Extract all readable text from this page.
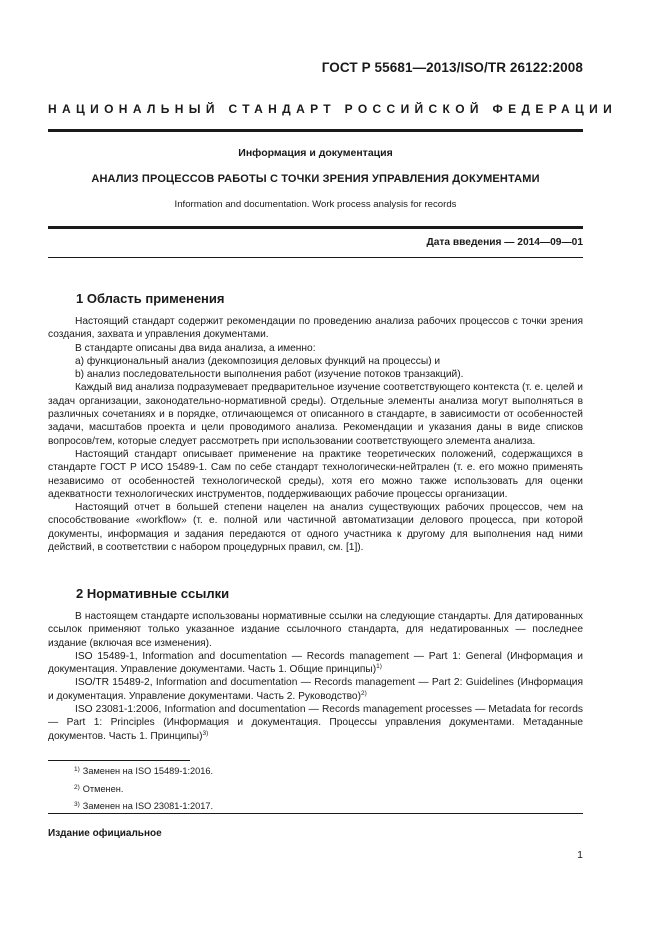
ГОСТ Р 55681—2013/ISO/TR 26122:2008
НАЦИОНАЛЬНЫЙ СТАНДАРТ РОССИЙСКОЙ ФЕДЕРАЦИИ
Информация и документация
АНАЛИЗ ПРОЦЕССОВ РАБОТЫ С ТОЧКИ ЗРЕНИЯ УПРАВЛЕНИЯ ДОКУМЕНТАМИ
Information and documentation. Work process analysis for records
Дата введения — 2014—09—01
1 Область применения

Настоящий стандарт содержит рекомендации по проведению анализа рабочих процессов с точки зрения создания, захвата и управления документами.

В стандарте описаны два вида анализа, а именно:

a) функциональный анализ (декомпозиция деловых функций на процессы) и

b) анализ последовательности выполнения работ (изучение потоков транзакций).

Каждый вид анализа подразумевает предварительное изучение соответствующего контекста (т. е. целей и задач организации, законодательно-нормативной среды). Отдельные элементы анализа могут выполняться в различных сочетаниях и в порядке, отличающемся от описанного в стандарте, в зависимости от особенностей задачи, масштабов проекта и цели проводимого анализа. Рекомендации и указания даны в виде списков вопросов/тем, которые следует рассмотреть при использовании соответствующего элемента анализа.

Настоящий стандарт описывает применение на практике теоретических положений, содержащихся в стандарте ГОСТ Р ИСО 15489-1. Сам по себе стандарт технологически-нейтрален (т. е. его можно применять независимо от особенностей технологической среды), хотя его можно также использовать для оценки адекватности технологических инструментов, поддерживающих рабочие процессы организации.

Настоящий отчет в большей степени нацелен на анализ существующих рабочих процессов, чем на способствование «workflow» (т. е. полной или частичной автоматизации делового процесса, при которой документы, информация и задания передаются от одного участника к другому для выполнения над ними действий, в соответствии с набором процедурных правил, см. [1]).

2 Нормативные ссылки

В настоящем стандарте использованы нормативные ссылки на следующие стандарты. Для датированных ссылок применяют только указанное издание ссылочного стандарта, для недатированных — последнее издание (включая все изменения).

ISO 15489-1, Information and documentation — Records management — Part 1: General (Информация и документация. Управление документами. Часть 1. Общие принципы)$^{1)}$

ISO/TR 15489-2, Information and documentation — Records management — Part 2: Guidelines (Информация и документация. Управление документами. Часть 2. Руководство)$^{2)}$

ISO 23081-1:2006, Information and documentation — Records management processes — Metadata for records — Part 1: Principles (Информация и документация. Процессы управления документами. Метаданные документов. Часть 1. Принципы)$^{3)}$

$^{1)}$ Заменен на ISO 15489-1:2016.
$^{2)}$ Отменен.
$^{3)}$ Заменен на ISO 23081-1:2017.
Издание официальное
1
